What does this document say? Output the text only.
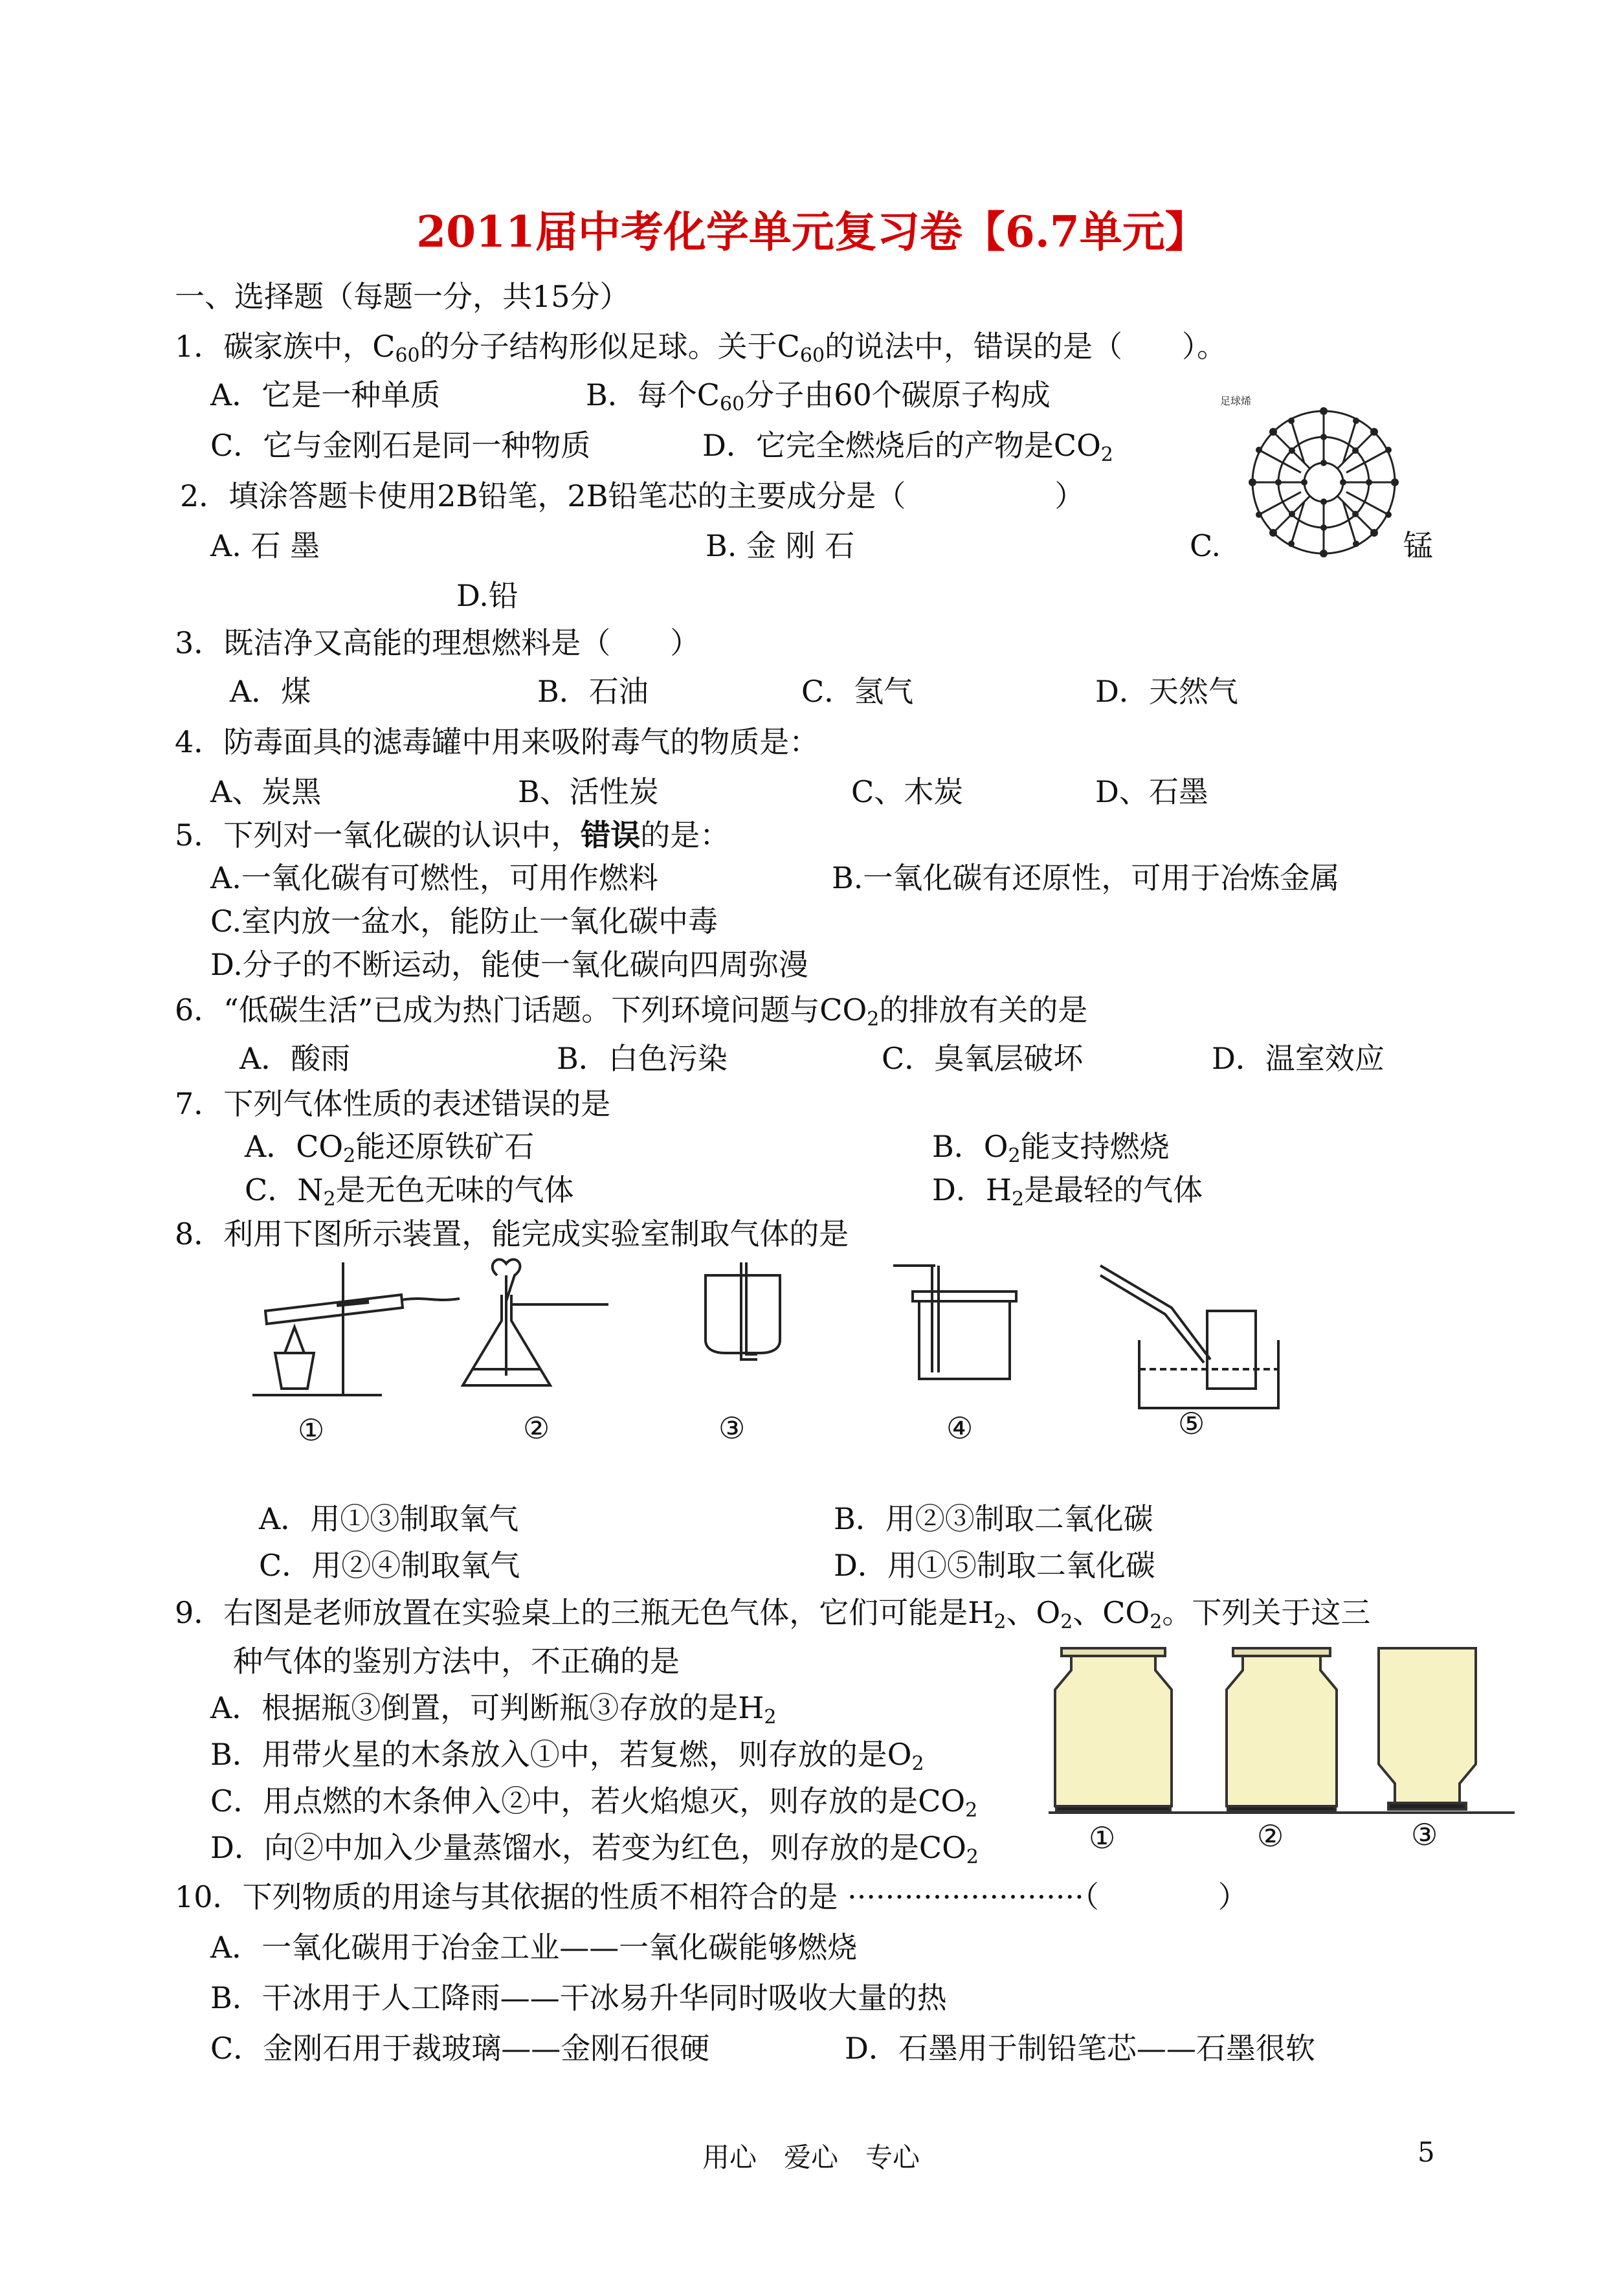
2011届中考化学单元复习卷【6.7单元】
一、选择题（每题一分，共15分）
1．碳家族中，$C_{60}$的分子结构形似足球。关于$C_{60}$的说法中，错误的是（　　）。
A．它是一种单质	B．每个$C_{60}$分子由60个碳原子构成
C．它与金刚石是同一种物质	D．它完全燃烧后的产物是$CO_2$
足球烯
2．填涂答题卡使用2B铅笔，2B铅笔芯的主要成分是（　　　　　）
A. 石 墨	B. 金 刚 石	C.	锰
D.铅
3．既洁净又高能的理想燃料是（　　）
A．煤	B．石油	C．氢气	D．天然气
4．防毒面具的滤毒罐中用来吸附毒气的物质是：
A、炭黑	B、活性炭	C、木炭	D、石墨
5．下列对一氧化碳的认识中，错误的是：
A.一氧化碳有可燃性，可用作燃料	B.一氧化碳有还原性，可用于冶炼金属
C.室内放一盆水，能防止一氧化碳中毒
D.分子的不断运动，能使一氧化碳向四周弥漫
6．“低碳生活”已成为热门话题。下列环境问题与$CO_2$的排放有关的是
A．酸雨	B．白色污染	C．臭氧层破坏	D．温室效应
7．下列气体性质的表述错误的是
A．$CO_2$能还原铁矿石	B．$O_2$能支持燃烧
C．$N_2$是无色无味的气体	D．$H_2$是最轻的气体
8．利用下图所示装置，能完成实验室制取气体的是
①	②	③	④	⑤
A．用①③制取氧气	B．用②③制取二氧化碳
C．用②④制取氧气	D．用①⑤制取二氧化碳
9．右图是老师放置在实验桌上的三瓶无色气体，它们可能是$H_2$、$O_2$、$CO_2$。下列关于这三
种气体的鉴别方法中，不正确的是
A．根据瓶③倒置，可判断瓶③存放的是$H_2$
B．用带火星的木条放入①中，若复燃，则存放的是$O_2$
C．用点燃的木条伸入②中，若火焰熄灭，则存放的是$CO_2$
D．向②中加入少量蒸馏水，若变为红色，则存放的是$CO_2$
①	②	③
10．下列物质的用途与其依据的性质不相符合的是 ·························（　　　　）
A．一氧化碳用于冶金工业——一氧化碳能够燃烧
B．干冰用于人工降雨——干冰易升华同时吸收大量的热
C．金刚石用于裁玻璃——金刚石很硬	D．石墨用于制铅笔芯——石墨很软
用心　爱心　专心	5
